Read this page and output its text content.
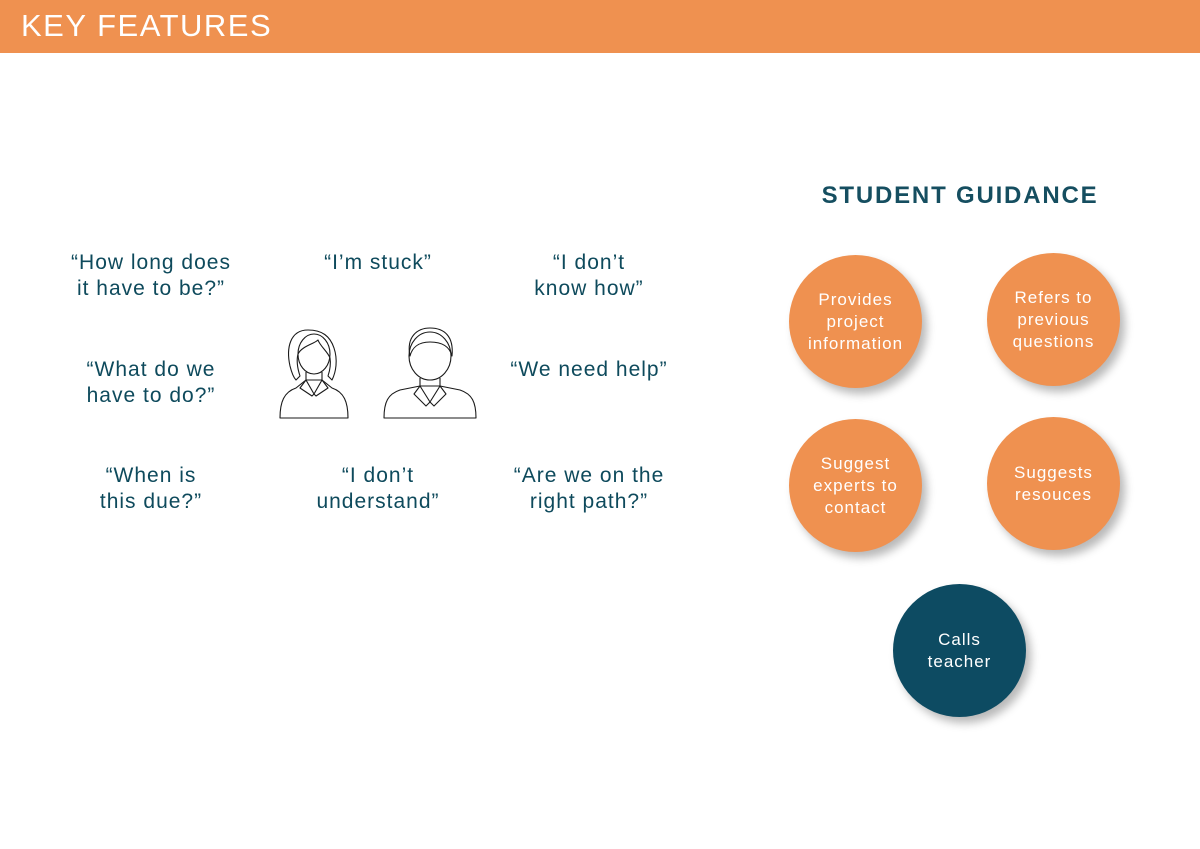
KEY FEATURES
“How long does
it have to be?”
“I’m stuck”	“I don’t
know how”
“What do we
have to do?”
“We need help”
“When is
this due?”
“I don’t
understand”
“Are we on the
right path?”
STUDENT GUIDANCE
Provides
project
information
Refers to
previous
questions
Suggest
experts to
contact
Suggests
resouces
Calls
teacher
